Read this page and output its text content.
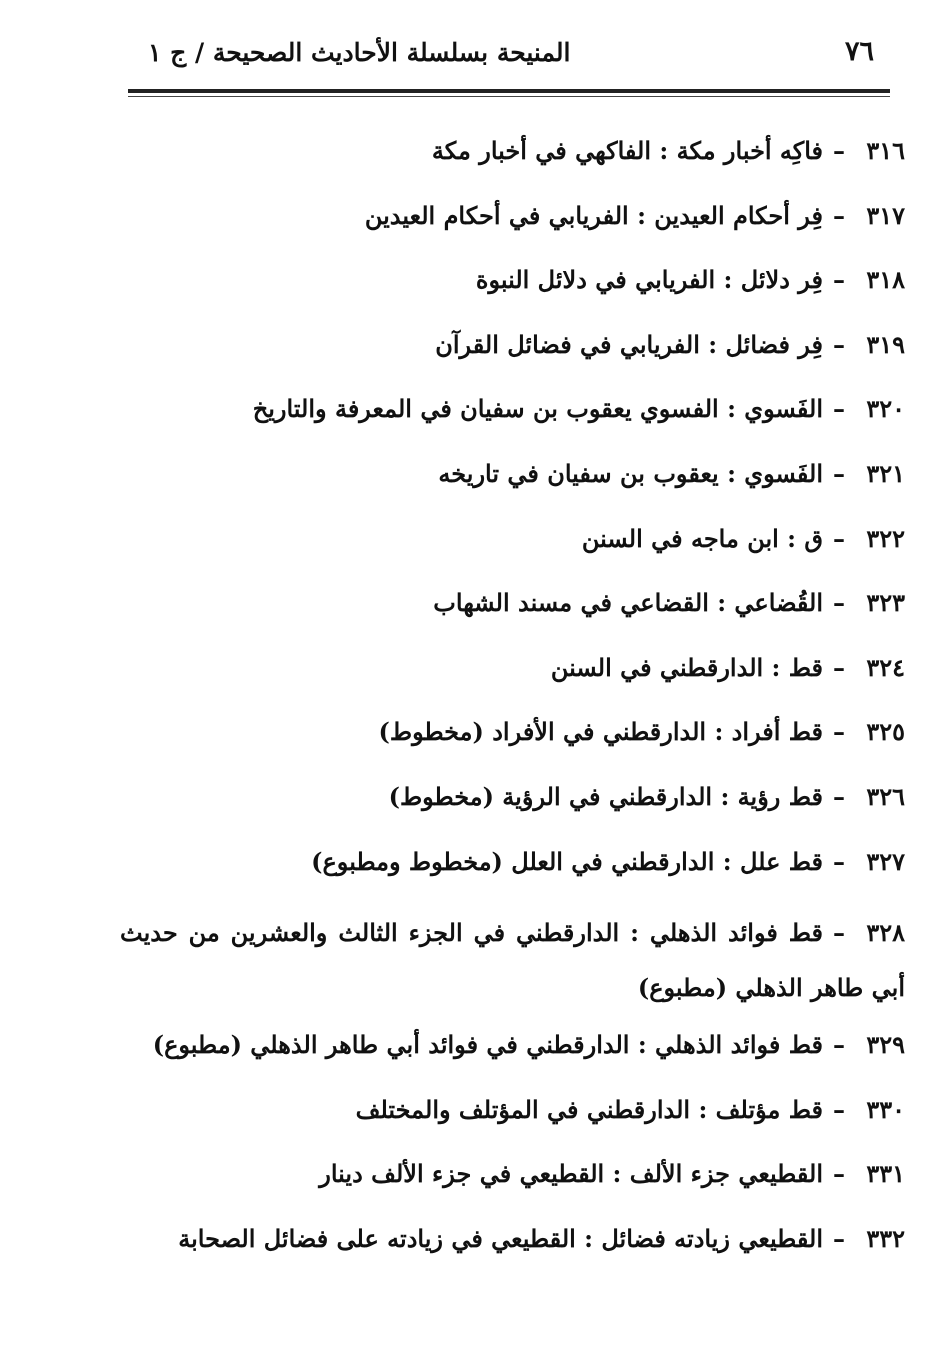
٧٦
المنيحة بسلسلة الأحاديث الصحيحة / ج ١
٣١٦–فاكِه أخبار مكة : الفاكهي في أخبار مكة
٣١٧–فِر أحكام العيدين : الفريابي في أحكام العيدين
٣١٨–فِر دلائل : الفريابي في دلائل النبوة
٣١٩–فِر فضائل : الفريابي في فضائل القرآن
٣٢٠–الفَسوي : الفسوي يعقوب بن سفيان في المعرفة والتاريخ
٣٢١–الفَسوي : يعقوب بن سفيان في تاريخه
٣٢٢–ق : ابن ماجه في السنن
٣٢٣–القُضاعي : القضاعي في مسند الشهاب
٣٢٤–قط : الدارقطني في السنن
٣٢٥–قط أفراد : الدارقطني في الأفراد (مخطوط)
٣٢٦–قط رؤية : الدارقطني في الرؤية (مخطوط)
٣٢٧–قط علل : الدارقطني في العلل (مخطوط ومطبوع)
٣٢٨–قط فوائد الذهلي : الدارقطني في الجزء الثالث والعشرين من حديث أبي طاهر الذهلي (مطبوع)
٣٢٩–قط فوائد الذهلي : الدارقطني في فوائد أبي طاهر الذهلي (مطبوع)
٣٣٠–قط مؤتلف : الدارقطني في المؤتلف والمختلف
٣٣١–القطيعي جزء الألف : القطيعي في جزء الألف دينار
٣٣٢–القطيعي زيادته فضائل : القطيعي في زيادته على فضائل الصحابة
